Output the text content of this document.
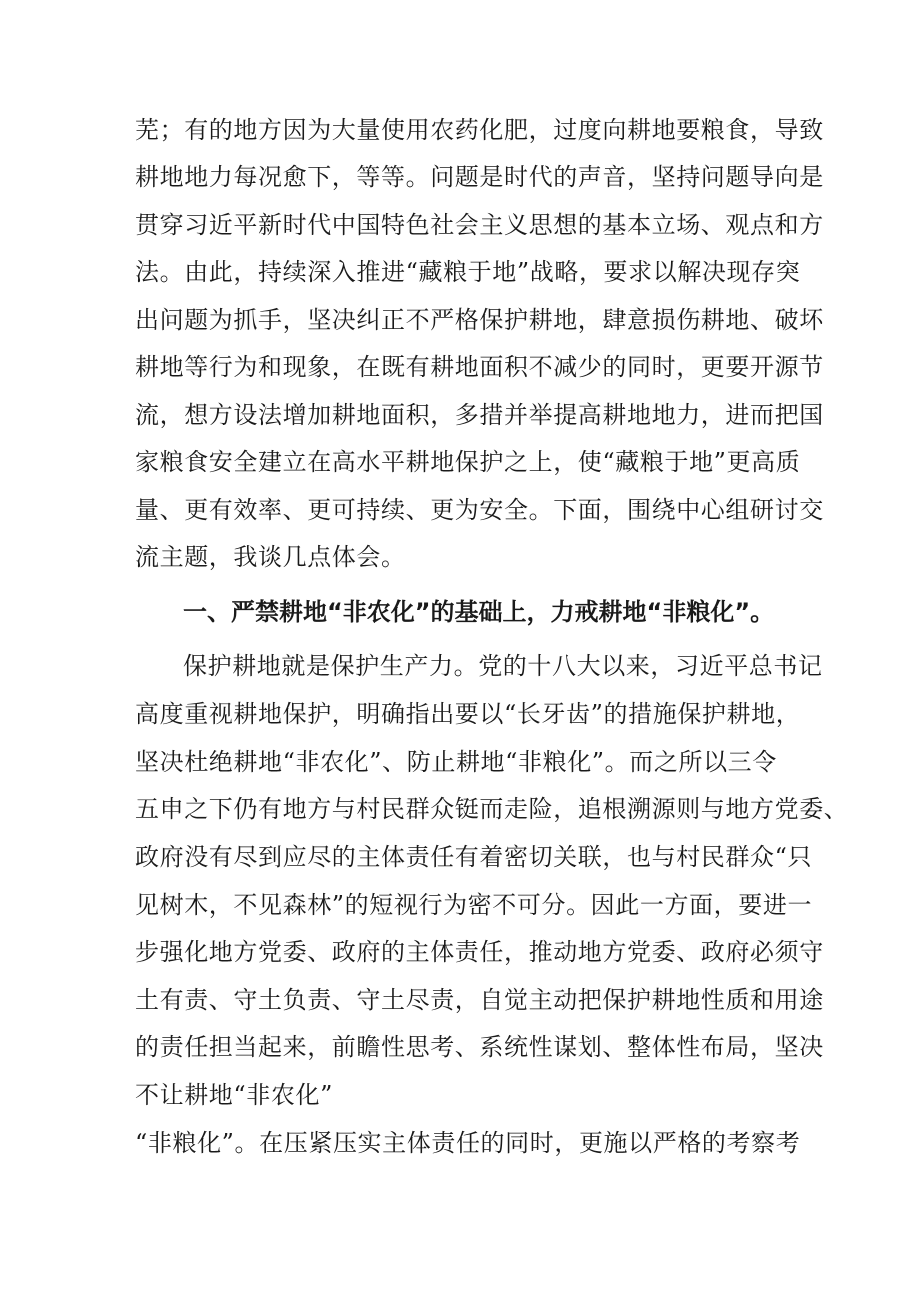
芜；有的地方因为大量使用农药化肥，过度向耕地要粮食，导致
耕地地力每况愈下，等等。问题是时代的声音，坚持问题导向是
贯穿习近平新时代中国特色社会主义思想的基本立场、观点和方
法。由此，持续深入推进“藏粮于地”战略，要求以解决现存突
出问题为抓手，坚决纠正不严格保护耕地，肆意损伤耕地、破坏
耕地等行为和现象，在既有耕地面积不减少的同时，更要开源节
流，想方设法增加耕地面积，多措并举提高耕地地力，进而把国
家粮食安全建立在高水平耕地保护之上，使“藏粮于地”更高质
量、更有效率、更可持续、更为安全。下面，围绕中心组研讨交
流主题，我谈几点体会。
一、严禁耕地“非农化”的基础上，力戒耕地“非粮化”。
保护耕地就是保护生产力。党的十八大以来，习近平总书记
高度重视耕地保护，明确指出要以“长牙齿”的措施保护耕地，
坚决杜绝耕地“非农化”、防止耕地“非粮化”。而之所以三令
五申之下仍有地方与村民群众铤而走险，追根溯源则与地方党委、
政府没有尽到应尽的主体责任有着密切关联，也与村民群众“只
见树木，不见森林”的短视行为密不可分。因此一方面，要进一
步强化地方党委、政府的主体责任，推动地方党委、政府必须守
土有责、守土负责、守土尽责，自觉主动把保护耕地性质和用途
的责任担当起来，前瞻性思考、系统性谋划、整体性布局，坚决
不让耕地“非农化”
“非粮化”。在压紧压实主体责任的同时，更施以严格的考察考
